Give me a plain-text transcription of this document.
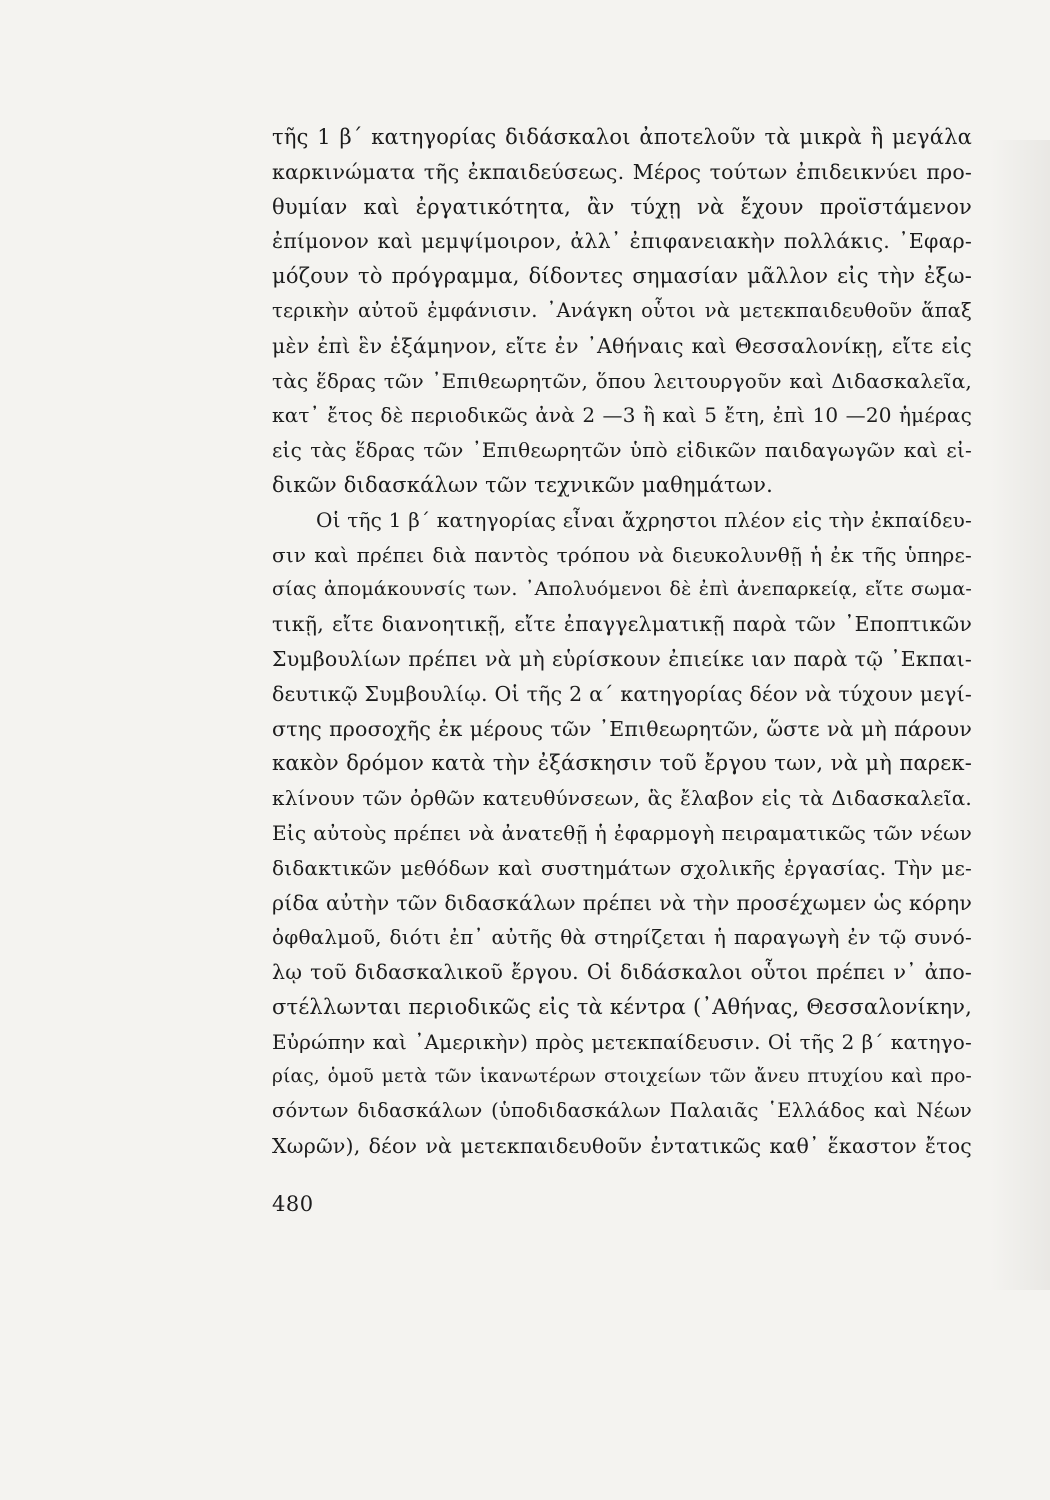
τῆς 1 β΄ κατηγορίας διδάσκαλοι ἀποτελοῦν τὰ μικρὰ ἢ μεγάλα
καρκινώματα τῆς ἐκπαιδεύσεως. Μέρος τούτων ἐπιδεικνύει προ-
θυμίαν καὶ ἐργατικότητα, ἂν τύχῃ νὰ ἔχουν προϊστάμενον
ἐπίμονον καὶ μεμψίμοιρον, ἀλλ᾽ ἐπιφανειακὴν πολλάκις. ᾿Εφαρ-
μόζουν τὸ πρόγραμμα, δίδοντες σημασίαν μᾶλλον εἰς τὴν ἐξω-
τερικὴν αὐτοῦ ἐμφάνισιν. ᾿Ανάγκη οὗτοι νὰ μετεκπαιδευθοῦν ἅπαξ
μὲν ἐπὶ ἓν ἑξάμηνον, εἴτε ἐν ᾿Αθήναις καὶ Θεσσαλονίκῃ, εἴτε εἰς
τὰς ἕδρας τῶν ᾿Επιθεωρητῶν, ὅπου λειτουργοῦν καὶ Διδασκαλεῖα,
κατ᾽ ἔτος δὲ περιοδικῶς ἀνὰ 2 —3 ἢ καὶ 5 ἔτη, ἐπὶ 10 —20 ἡμέρας
εἰς τὰς ἕδρας τῶν ᾿Επιθεωρητῶν ὑπὸ εἰδικῶν παιδαγωγῶν καὶ εἰ-
δικῶν διδασκάλων τῶν τεχνικῶν μαθημάτων.
Οἱ τῆς 1 β΄ κατηγορίας εἶναι ἄχρηστοι πλέον εἰς τὴν ἐκπαίδευ-
σιν καὶ πρέπει διὰ παντὸς τρόπου νὰ διευκολυνθῇ ἡ ἐκ τῆς ὑπηρε-
σίας ἀπομάκουνσίς των. ᾿Απολυόμενοι δὲ ἐπὶ ἀνεπαρκείᾳ, εἴτε σωμα-
τικῇ, εἴτε διανοητικῇ, εἴτε ἐπαγγελματικῇ παρὰ τῶν ᾿Εποπτικῶν
Συμβουλίων πρέπει νὰ μὴ εὑρίσκουν ἐπιείκε ιαν παρὰ τῷ ᾿Εκπαι-
δευτικῷ Συμβουλίῳ. Οἱ τῆς 2 α΄ κατηγορίας δέον νὰ τύχουν μεγί-
στης προσοχῆς ἐκ μέρους τῶν ᾿Επιθεωρητῶν, ὥστε νὰ μὴ πάρουν
κακὸν δρόμον κατὰ τὴν ἐξάσκησιν τοῦ ἔργου των, νὰ μὴ παρεκ-
κλίνουν τῶν ὀρθῶν κατευθύνσεων, ἃς ἔλαβον εἰς τὰ Διδασκαλεῖα.
Εἰς αὐτοὺς πρέπει νὰ ἀνατεθῇ ἡ ἐφαρμογὴ πειραματικῶς τῶν νέων
διδακτικῶν μεθόδων καὶ συστημάτων σχολικῆς ἐργασίας. Τὴν με-
ρίδα αὐτὴν τῶν διδασκάλων πρέπει νὰ τὴν προσέχωμεν ὡς κόρην
ὀφθαλμοῦ, διότι ἐπ᾽ αὐτῆς θὰ στηρίζεται ἡ παραγωγὴ ἐν τῷ συνό-
λῳ τοῦ διδασκαλικοῦ ἔργου. Οἱ διδάσκαλοι οὗτοι πρέπει ν᾽ ἀπο-
στέλλωνται περιοδικῶς εἰς τὰ κέντρα (᾿Αθήνας, Θεσσαλονίκην,
Εὐρώπην καὶ ᾿Αμερικὴν) πρὸς μετεκπαίδευσιν. Οἱ τῆς 2 β΄ κατηγο-
ρίας, ὁμοῦ μετὰ τῶν ἱκανωτέρων στοιχείων τῶν ἄνευ πτυχίου καὶ προ-
σόντων διδασκάλων (ὑποδιδασκάλων Παλαιᾶς ῾Ελλάδος καὶ Νέων
Χωρῶν), δέον νὰ μετεκπαιδευθοῦν ἐντατικῶς καθ᾽ ἕκαστον ἔτος
480
